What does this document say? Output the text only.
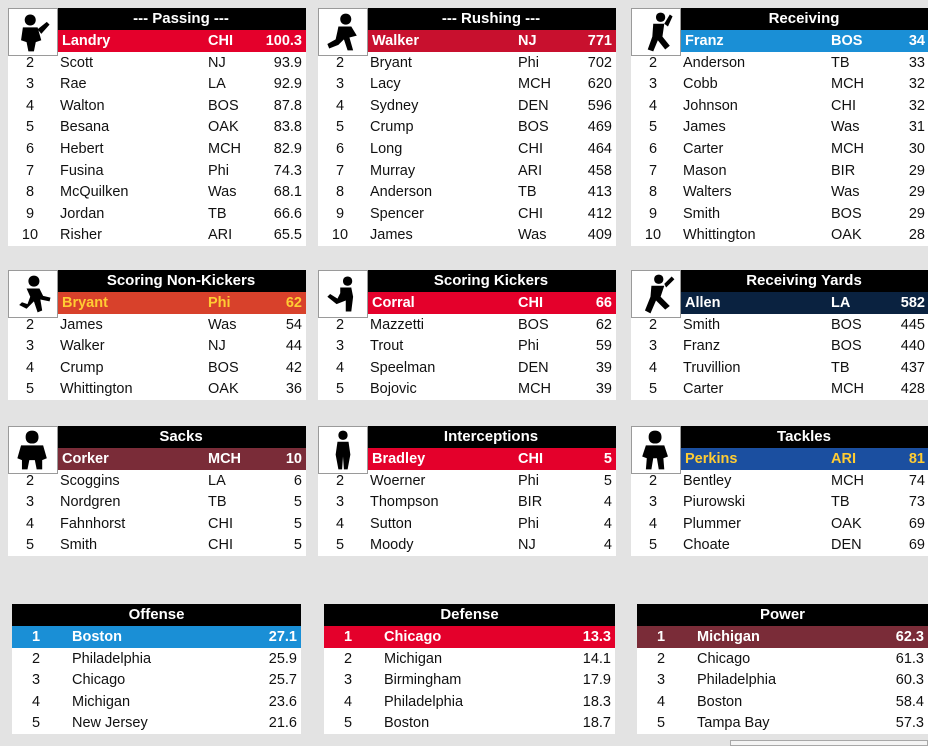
--- Passing ---
Landry	CHI 100.3
2	Scott	NJ	93.9
3	Rae	LA	92.9
4	Walton	BOS 87.8
5	Besana	OAK 83.8
6	Hebert	MCH 82.9
7	Fusina	Phi	74.3
8	McQuilken	Was	68.1
9	Jordan	TB	66.6
10	Risher	ARI	65.5
--- Rushing ---
Walker	NJ	771
2	Bryant	Phi	702
3	Lacy	MCH	620
4	Sydney	DEN	596
5	Crump	BOS	469
6	Long	CHI	464
7	Murray	ARI	458
8	Anderson	TB	413
9	Spencer	CHI	412
10	James	Was	409
Receiving
Franz	BOS	34
2	Anderson	TB	33
3	Cobb	MCH	32
4	Johnson	CHI	32
5	James	Was	31
6	Carter	MCH	30
7	Mason	BIR	29
8	Walters	Was	29
9	Smith	BOS	29
10	Whittington	OAK	28
Scoring Non-Kickers
Bryant	Phi	62
2	James	Was	54
3	Walker	NJ	44
4	Crump	BOS	42
5	Whittington	OAK	36
Scoring Kickers
Corral	CHI	66
2	Mazzetti	BOS	62
3	Trout	Phi	59
4	Speelman	DEN	39
5	Bojovic	MCH	39
Receiving Yards
Allen	LA	582
2	Smith	BOS	445
3	Franz	BOS	440
4	Truvillion	TB	437
5	Carter	MCH	428
Sacks
Corker	MCH	10
2	Scoggins	LA	6
3	Nordgren	TB	5
4	Fahnhorst	CHI	5
5	Smith	CHI	5
Interceptions
Bradley	CHI	5
2	Woerner	Phi	5
3	Thompson	BIR	4
4	Sutton	Phi	4
5	Moody	NJ	4
Tackles
Perkins	ARI	81
2	Bentley	MCH	74
3	Piurowski	TB	73
4	Plummer	OAK	69
5	Choate	DEN	69
Offense
1	Boston	27.1
2	Philadelphia	25.9
3	Chicago	25.7
4	Michigan	23.6
5	New Jersey	21.6
Defense
1	Chicago	13.3
2	Michigan	14.1
3	Birmingham	17.9
4	Philadelphia	18.3
5	Boston	18.7
Power
1	Michigan	62.3
2	Chicago	61.3
3	Philadelphia	60.3
4	Boston	58.4
5	Tampa Bay	57.3
